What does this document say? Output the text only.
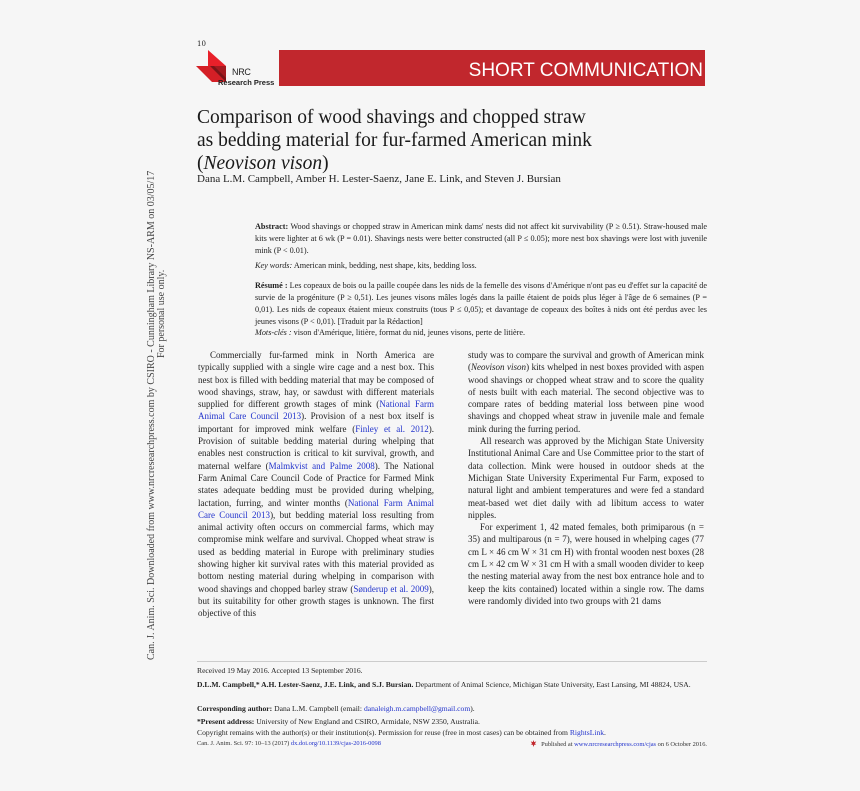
10
NRC
Research Press
SHORT COMMUNICATION
Comparison of wood shavings and chopped straw
as bedding material for fur-farmed American mink
(Neovison vison)
Dana L.M. Campbell, Amber H. Lester-Saenz, Jane E. Link, and Steven J. Bursian
Abstract: Wood shavings or chopped straw in American mink dams' nests did not affect kit survivability (P ≥ 0.51). Straw-housed male kits were lighter at 6 wk (P = 0.01). Shavings nests were better constructed (all P ≤ 0.05); more nest box shavings were lost with juvenile mink (P < 0.01).
Key words: American mink, bedding, nest shape, kits, bedding loss.
Résumé : Les copeaux de bois ou la paille coupée dans les nids de la femelle des visons d'Amérique n'ont pas eu d'effet sur la capacité de survie de la progéniture (P ≥ 0,51). Les jeunes visons mâles logés dans la paille étaient de poids plus léger à l'âge de 6 semaines (P = 0,01). Les nids de copeaux étaient mieux construits (tous P ≤ 0,05); et davantage de copeaux des boîtes à nids ont été perdus avec les jeunes visons (P < 0,01). [Traduit par la Rédaction]
Mots-clés : vison d'Amérique, litière, format du nid, jeunes visons, perte de litière.

Commercially fur-farmed mink in North America are typically supplied with a single wire cage and a nest box. This nest box is filled with bedding material that may be composed of wood shavings, straw, hay, or sawdust with different materials supplied for different growth stages of mink (National Farm Animal Care Council 2013). Provision of a nest box itself is important for improved mink welfare (Finley et al. 2012). Provision of suitable bedding material during whelping that enables nest construction is critical to kit survival, growth, and maternal welfare (Malmkvist and Palme 2008). The National Farm Animal Care Council Code of Practice for Farmed Mink states adequate bedding must be provided during whelping, lactation, furring, and winter months (National Farm Animal Care Council 2013), but bedding material loss resulting from animal activity often occurs on commercial farms, which may compromise mink welfare and survival. Chopped wheat straw is used as bedding material in Europe with preliminary studies showing higher kit survival rates with this material provided as bottom nesting material during whelping in comparison with wood shavings and chopped barley straw (Sønderup et al. 2009), but its suitability for other growth stages is unknown. The first objective of this

study was to compare the survival and growth of American mink (Neovison vison) kits whelped in nest boxes provided with aspen wood shavings or chopped wheat straw and to score the quality of nests built with each material. The second objective was to compare rates of bedding material loss between pine wood shavings and chopped wheat straw in juvenile male and female mink during the furring period.

All research was approved by the Michigan State University Institutional Animal Care and Use Committee prior to the start of data collection. Mink were housed in outdoor sheds at the Michigan State University Experimental Fur Farm, exposed to natural light and ambient temperatures and were fed a standard meat-based wet diet daily with ad libitum access to water nipples.

For experiment 1, 42 mated females, both primiparous (n = 35) and multiparous (n = 7), were housed in whelping cages (77 cm L × 46 cm W × 31 cm H) with frontal wooden nest boxes (28 cm L × 42 cm W × 31 cm H with a small wooden divider to keep the nesting material away from the nest box entrance hole and to keep the kits contained) located within a single row. The dams were randomly divided into two groups with 21 dams

Received 19 May 2016. Accepted 13 September 2016.
D.L.M. Campbell,* A.H. Lester-Saenz, J.E. Link, and S.J. Bursian. Department of Animal Science, Michigan State University, East Lansing, MI 48824, USA.
Corresponding author: Dana L.M. Campbell (email: danaleigh.m.campbell@gmail.com).
*Present address: University of New England and CSIRO, Armidale, NSW 2350, Australia.
Copyright remains with the author(s) or their institution(s). Permission for reuse (free in most cases) can be obtained from RightsLink.
Can. J. Anim. Sci. 97: 10–13 (2017) dx.doi.org/10.1139/cjas-2016-0098	Published at www.nrcresearchpress.com/cjas on 6 October 2016.
Can. J. Anim. Sci. Downloaded from www.nrcresearchpress.com by CSIRO - Cunningham Library NS-ARM on 03/05/17 For personal use only.
